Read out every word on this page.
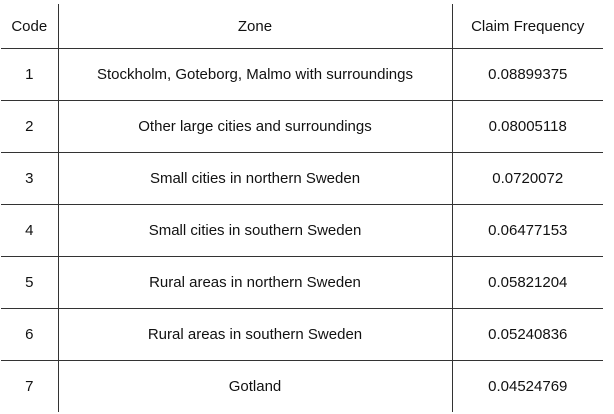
Code	Zone	Claim Frequency
1	Stockholm, Goteborg, Malmo with surroundings	0.08899375
2	Other large cities and surroundings	0.08005118
3	Small cities in northern Sweden	0.0720072
4	Small cities in southern Sweden	0.06477153
5	Rural areas in northern Sweden	0.05821204
6	Rural areas in southern Sweden	0.05240836
7	Gotland	0.04524769
